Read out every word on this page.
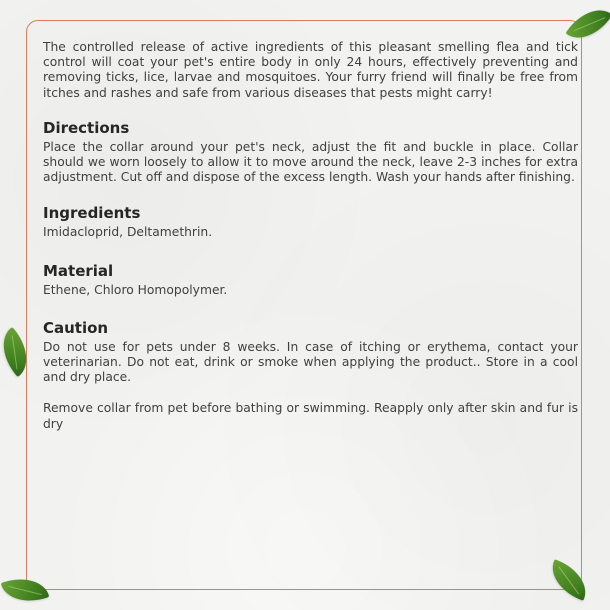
The controlled release of active ingredients of this pleasant smelling flea and tick control will coat your pet's entire body in only 24 hours, effectively preventing and removing ticks, lice, larvae and mosquitoes. Your furry friend will finally be free from itches and rashes and safe from various diseases that pests might carry!

Directions

Place the collar around your pet's neck, adjust the fit and buckle in place. Collar should we worn loosely to allow it to move around the neck, leave 2-3 inches for extra adjustment. Cut off and dispose of the excess length. Wash your hands after finishing.

Ingredients

Imidacloprid, Deltamethrin.

Material

Ethene, Chloro Homopolymer.

Caution

Do not use for pets under 8 weeks. In case of itching or erythema, contact your veterinarian. Do not eat, drink or smoke when applying the product.. Store in a cool and dry place.

Remove collar from pet before bathing or swimming. Reapply only after skin and fur is dry
